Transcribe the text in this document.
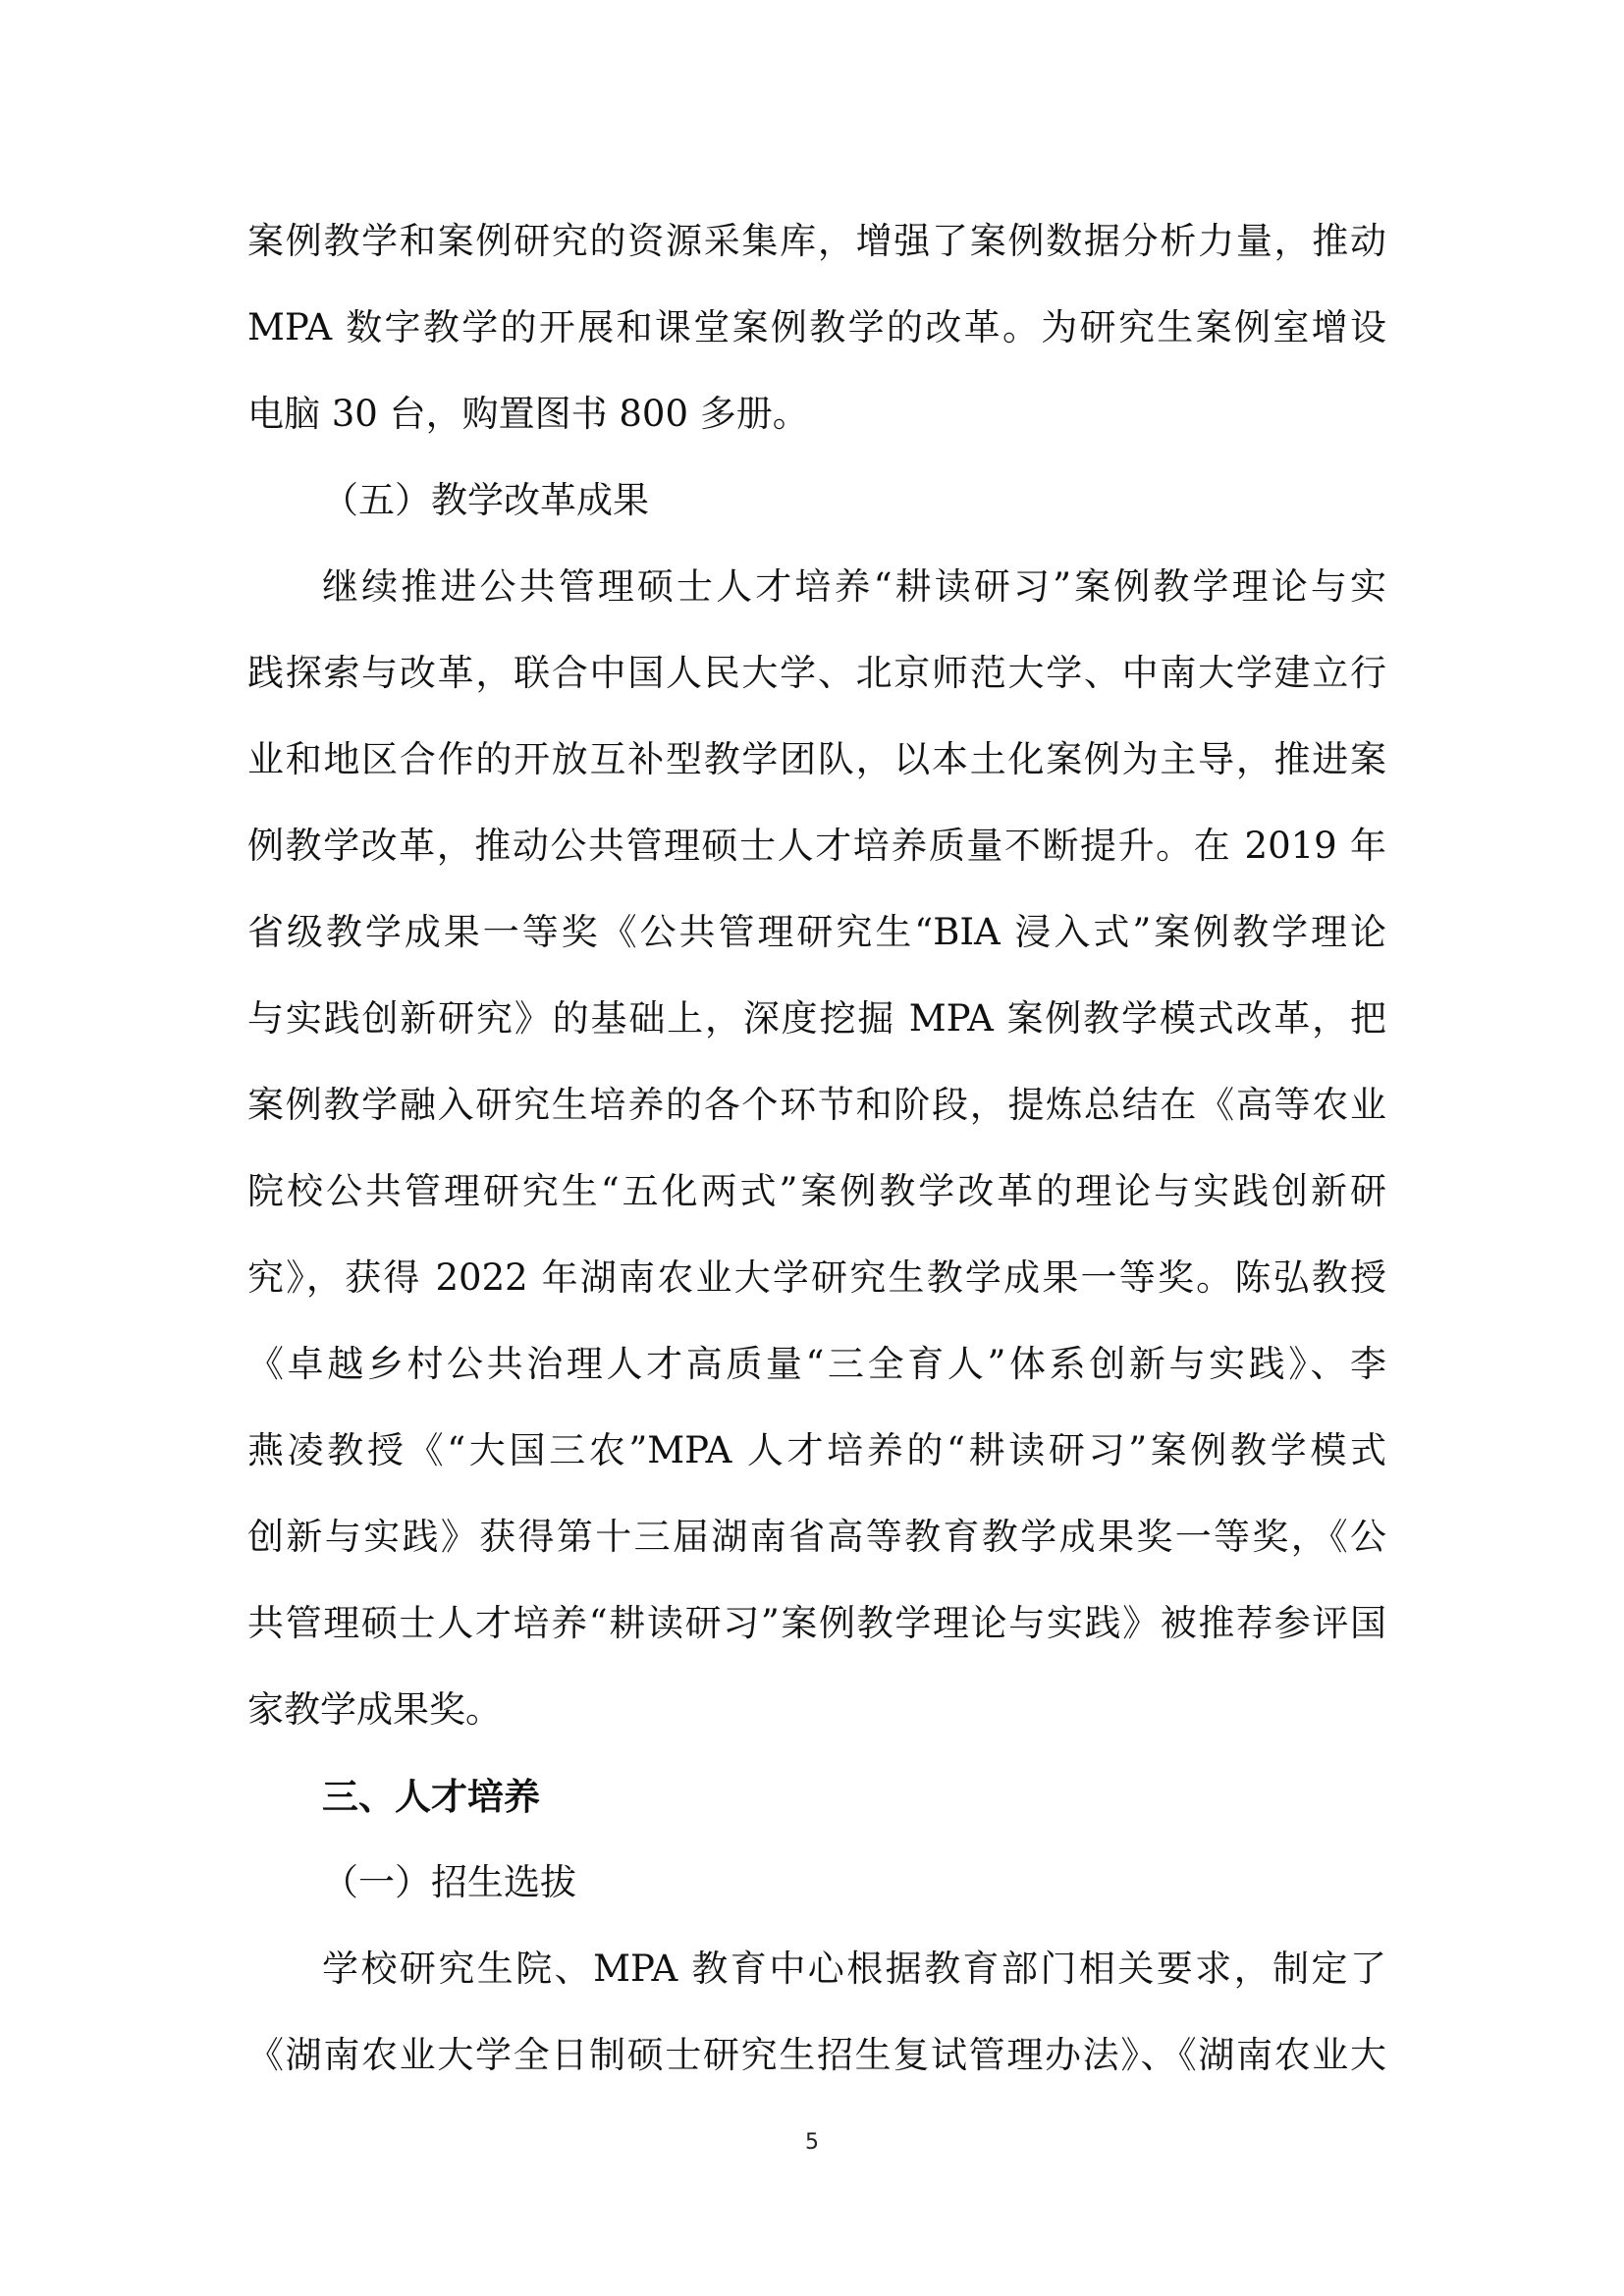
案例教学和案例研究的资源采集库，增强了案例数据分析力量，推动
MPA 数字教学的开展和课堂案例教学的改革。为研究生案例室增设
电脑 30 台，购置图书 800 多册。
（五）教学改革成果
继续推进公共管理硕士人才培养“耕读研习”案例教学理论与实
践探索与改革，联合中国人民大学、北京师范大学、中南大学建立行
业和地区合作的开放互补型教学团队，以本土化案例为主导，推进案
例教学改革，推动公共管理硕士人才培养质量不断提升。在 2019 年
省级教学成果一等奖《公共管理研究生“BIA 浸入式”案例教学理论
与实践创新研究》的基础上，深度挖掘 MPA 案例教学模式改革，把
案例教学融入研究生培养的各个环节和阶段，提炼总结在《高等农业
院校公共管理研究生“五化两式”案例教学改革的理论与实践创新研
究》，获得 2022 年湖南农业大学研究生教学成果一等奖。陈弘教授
《卓越乡村公共治理人才高质量“三全育人”体系创新与实践》、李
燕凌教授《“大国三农”MPA 人才培养的“耕读研习”案例教学模式
创新与实践》获得第十三届湖南省高等教育教学成果奖一等奖，《公
共管理硕士人才培养“耕读研习”案例教学理论与实践》被推荐参评国
家教学成果奖。
三、人才培养
（一）招生选拔
学校研究生院、MPA 教育中心根据教育部门相关要求，制定了
《湖南农业大学全日制硕士研究生招生复试管理办法》、《湖南农业大
5
